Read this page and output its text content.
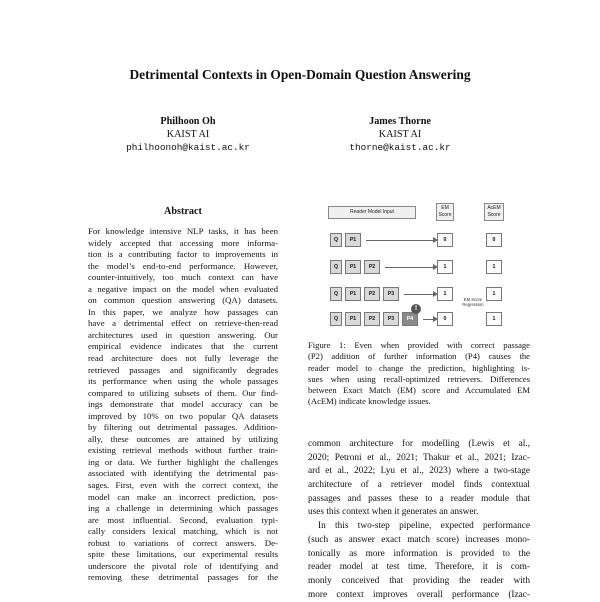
Detrimental Contexts in Open-Domain Question Answering
Philhoon Oh
KAIST AI
philhoonoh@kaist.ac.kr
James Thorne
KAIST AI
thorne@kaist.ac.kr
Abstract
For knowledge intensive NLP tasks, it has been
widely accepted that accessing more informa-
tion is a contributing factor to improvements in
the model’s end-to-end performance. However,
counter-intuitively, too much context can have
a negative impact on the model when evaluated
on common question answering (QA) datasets.
In this paper, we analyze how passages can
have a detrimental effect on retrieve-then-read
architectures used in question answering. Our
empirical evidence indicates that the current
read architecture does not fully leverage the
retrieved passages and significantly degrades
its performance when using the whole passages
compared to utilizing subsets of them. Our find-
ings demonstrate that model accuracy can be
improved by 10% on two popular QA datasets
by filtering out detrimental passages. Addition-
ally, these outcomes are attained by utilizing
existing retrieval methods without further train-
ing or data. We further highlight the challenges
associated with identifying the detrimental pas-
sages. First, even with the correct context, the
model can make an incorrect prediction, pos-
ing a challenge in determining which passages
are most influential. Second, evaluation typi-
cally considers lexical matching, which is not
robust to variations of correct answers. De-
spite these limitations, our experimental results
underscore the pivotal role of identifying and
removing these detrimental passages for the
Reader Model Input
EM Score
AcEM Score
Q	P1	0	0
Q	P1	P2	1	1
Q	P1	P2	P3	1	1
Q	P1	P2	P3	P4	0	1
!
EM Score Regression
Figure 1: Even when provided with correct passage
(P2) addition of further information (P4) causes the
reader model to change the prediction, highlighting is-
sues when using recall-optimized retrievers. Differences
between Exact Match (EM) score and Accumulated EM
(AcEM) indicate knowledge issues.
common architecture for modelling (Lewis et al.,
2020; Petroni et al., 2021; Thakur et al., 2021; Izac-
ard et al., 2022; Lyu et al., 2023) where a two-stage
architecture of a retriever model finds contextual
passages and passes these to a reader module that
uses this context when it generates an answer.
In this two-step pipeline, expected performance
(such as answer exact match score) increases mono-
tonically as more information is provided to the
reader model at test time. Therefore, it is com-
monly conceived that providing the reader with
more context improves overall performance (Izac-
